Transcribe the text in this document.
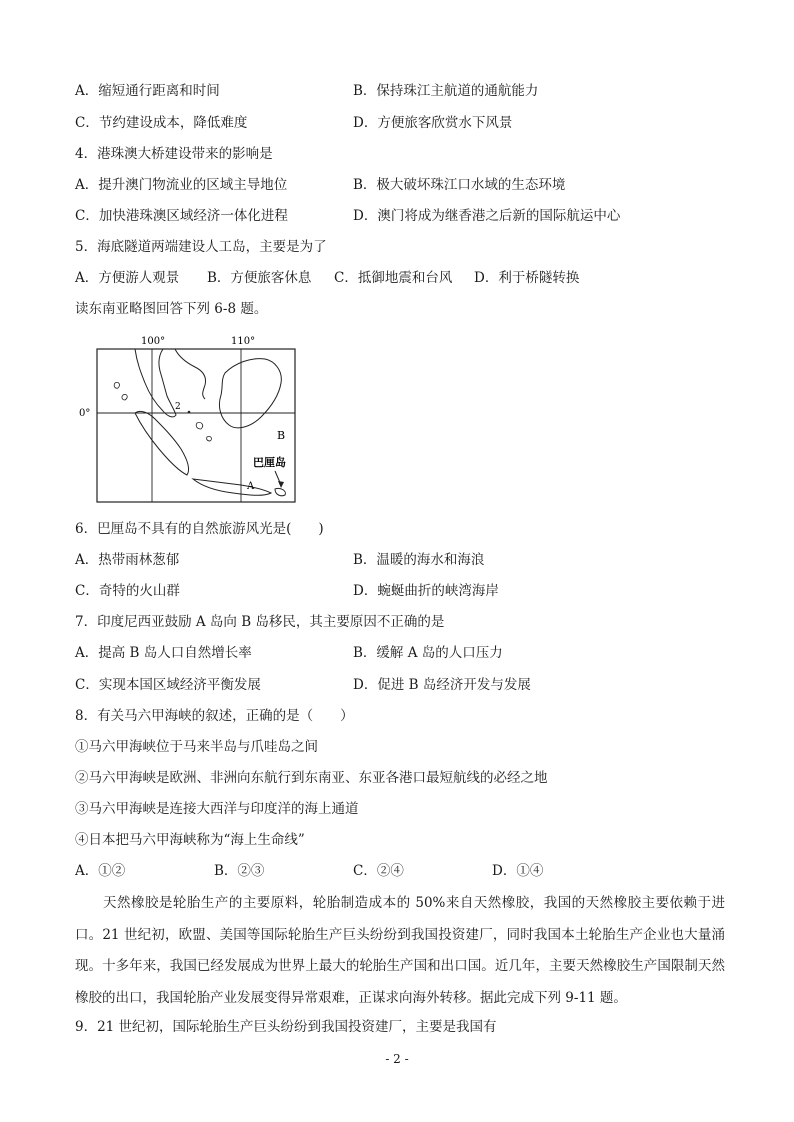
A．缩短通行距离和时间	B．保持珠江主航道的通航能力
C．节约建设成本，降低难度	D．方便旅客欣赏水下风景
4．港珠澳大桥建设带来的影响是
A．提升澳门物流业的区域主导地位	B．极大破坏珠江口水域的生态环境
C．加快港珠澳区域经济一体化进程	D．澳门将成为继香港之后新的国际航运中心
5．海底隧道两端建设人工岛，主要是为了
A．方便游人观景 B．方便旅客休息 C．抵御地震和台风 D．利于桥隧转换
读东南亚略图回答下列 6-8 题。
100°	110°
0°
2
B
巴厘岛
A
6．巴厘岛不具有的自然旅游风光是(　　)
A．热带雨林葱郁	B．温暖的海水和海浪
C．奇特的火山群	D．蜿蜒曲折的峡湾海岸
7．印度尼西亚鼓励 A 岛向 B 岛移民，其主要原因不正确的是
A．提高 B 岛人口自然增长率	B．缓解 A 岛的人口压力
C．实现本国区域经济平衡发展	D．促进 B 岛经济开发与发展
8．有关马六甲海峡的叙述，正确的是（　　）
①马六甲海峡位于马来半岛与爪哇岛之间
②马六甲海峡是欧洲、非洲向东航行到东南亚、东亚各港口最短航线的必经之地
③马六甲海峡是连接大西洋与印度洋的海上通道
④日本把马六甲海峡称为“海上生命线”
A．①②	B．②③	C．②④	D．①④
天然橡胶是轮胎生产的主要原料，轮胎制造成本的 50%来自天然橡胶，我国的天然橡胶主要依赖于进口。21 世纪初，欧盟、美国等国际轮胎生产巨头纷纷到我国投资建厂，同时我国本土轮胎生产企业也大量涌现。十多年来，我国已经发展成为世界上最大的轮胎生产国和出口国。近几年，主要天然橡胶生产国限制天然橡胶的出口，我国轮胎产业发展变得异常艰难，正谋求向海外转移。据此完成下列 9-11 题。
9．21 世纪初，国际轮胎生产巨头纷纷到我国投资建厂，主要是我国有
- 2 -
